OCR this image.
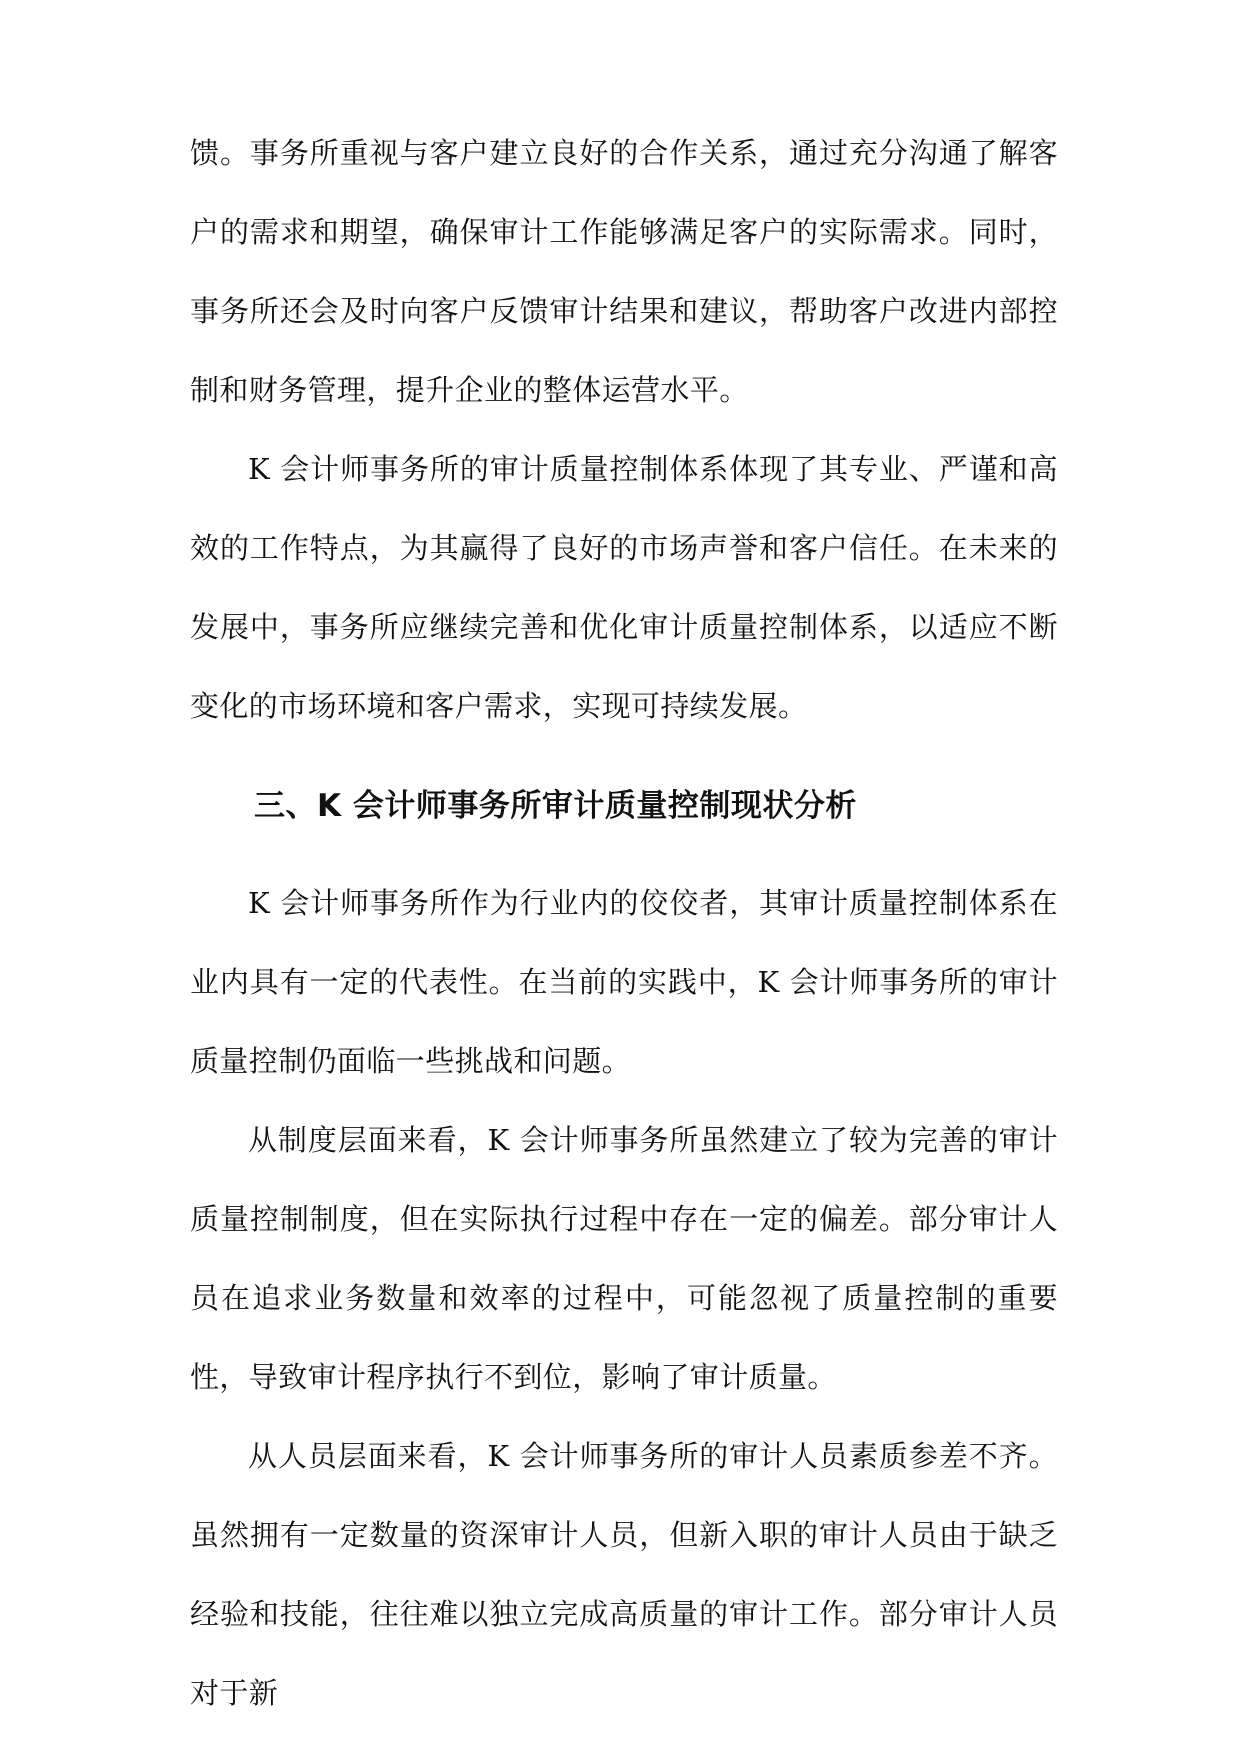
馈。事务所重视与客户建立良好的合作关系，通过充分沟通了解客户的需求和期望，确保审计工作能够满足客户的实际需求。同时，事务所还会及时向客户反馈审计结果和建议，帮助客户改进内部控制和财务管理，提升企业的整体运营水平。

K 会计师事务所的审计质量控制体系体现了其专业、严谨和高效的工作特点，为其赢得了良好的市场声誉和客户信任。在未来的发展中，事务所应继续完善和优化审计质量控制体系，以适应不断变化的市场环境和客户需求，实现可持续发展。

三、K 会计师事务所审计质量控制现状分析

K 会计师事务所作为行业内的佼佼者，其审计质量控制体系在业内具有一定的代表性。在当前的实践中，K 会计师事务所的审计质量控制仍面临一些挑战和问题。

从制度层面来看，K 会计师事务所虽然建立了较为完善的审计质量控制制度，但在实际执行过程中存在一定的偏差。部分审计人员在追求业务数量和效率的过程中，可能忽视了质量控制的重要性，导致审计程序执行不到位，影响了审计质量。

从人员层面来看，K 会计师事务所的审计人员素质参差不齐。虽然拥有一定数量的资深审计人员，但新入职的审计人员由于缺乏经验和技能，往往难以独立完成高质量的审计工作。部分审计人员对于新
